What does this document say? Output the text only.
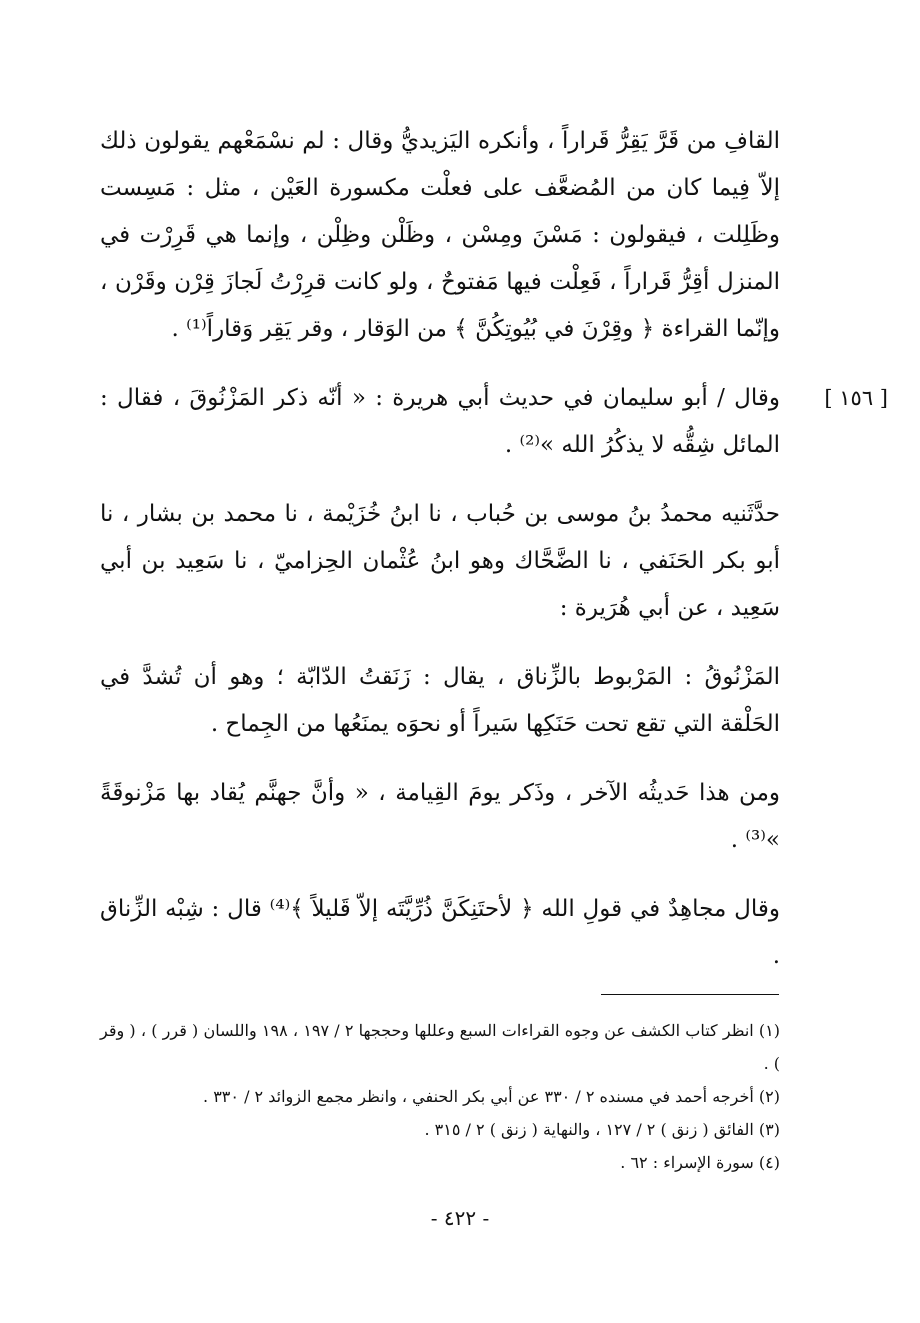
القافِ من قَرَّ يَقِرُّ قَراراً ، وأنكره اليَزيديُّ وقال : لم نسْمَعْهم يقولون ذلك إلاّ فِيما كان من المُضعَّف على فعلْت مكسورة العَيْن ، مثل : مَسِست وظَلِلت ، فيقولون : مَسْنَ ومِسْن ، وظَلْن وظِلْن ، وإنما هي قَرِرْت في المنزل أقِرُّ قَراراً ، فَعِلْت فيها مَفتوحٌ ، ولو كانت قرِرْتُ لَجازَ قِرْن وقَرْن ، وإنّما القراءة ﴿ وقِرْنَ في بُيُوتِكُنَّ ﴾ من الوَقار ، وقر يَقِر وَقاراً⁽¹⁾ .

[ ١٥٦ ]
وقال / أبو سليمان في حديث أبي هريرة : « أنّه ذكر المَزْنُوقَ ، فقال : المائل شِقُّه لا يذكُرُ الله »⁽²⁾ .

حدَّثَنيه محمدُ بنُ موسى بن حُباب ، نا ابنُ خُزَيْمة ، نا محمد بن بشار ، نا أبو بكر الحَنَفي ، نا الضَّحَّاك وهو ابنُ عُثْمان الحِزاميّ ، نا سَعِيد بن أبي سَعِيد ، عن أبي هُرَيرة :

المَزْنُوقُ : المَرْبوط بالزِّناق ، يقال : زَنَقتُ الدّابّة ؛ وهو أن تُشدَّ في الحَلْقة التي تقع تحت حَنَكِها سَيراً أو نحوَه يمنَعُها من الجِماح .

ومن هذا حَديثُه الآخر ، وذَكر يومَ القِيامة ، « وأنَّ جهنَّم يُقاد بها مَزْنوقَةً »⁽³⁾ .

وقال مجاهِدٌ في قولِ الله ﴿ لأحتَنِكَنَّ ذُرِّيَّتَه إلاّ قَليلاً ﴾⁽⁴⁾ قال : شِبْه الزِّناق .

(١) انظر كتاب الكشف عن وجوه القراءات السبع وعللها وحججها ٢ / ١٩٧ ، ١٩٨ واللسان ( قرر ) ، ( وقر ) .

(٢) أخرجه أحمد في مسنده ٢ / ٣٣٠ عن أبي بكر الحنفي ، وانظر مجمع الزوائد ٢ / ٣٣٠ .

(٣) الفائق ( زنق ) ٢ / ١٢٧ ، والنهاية ( زنق ) ٢ / ٣١٥ .

(٤) سورة الإسراء : ٦٢ .

- ٤٢٢ -
